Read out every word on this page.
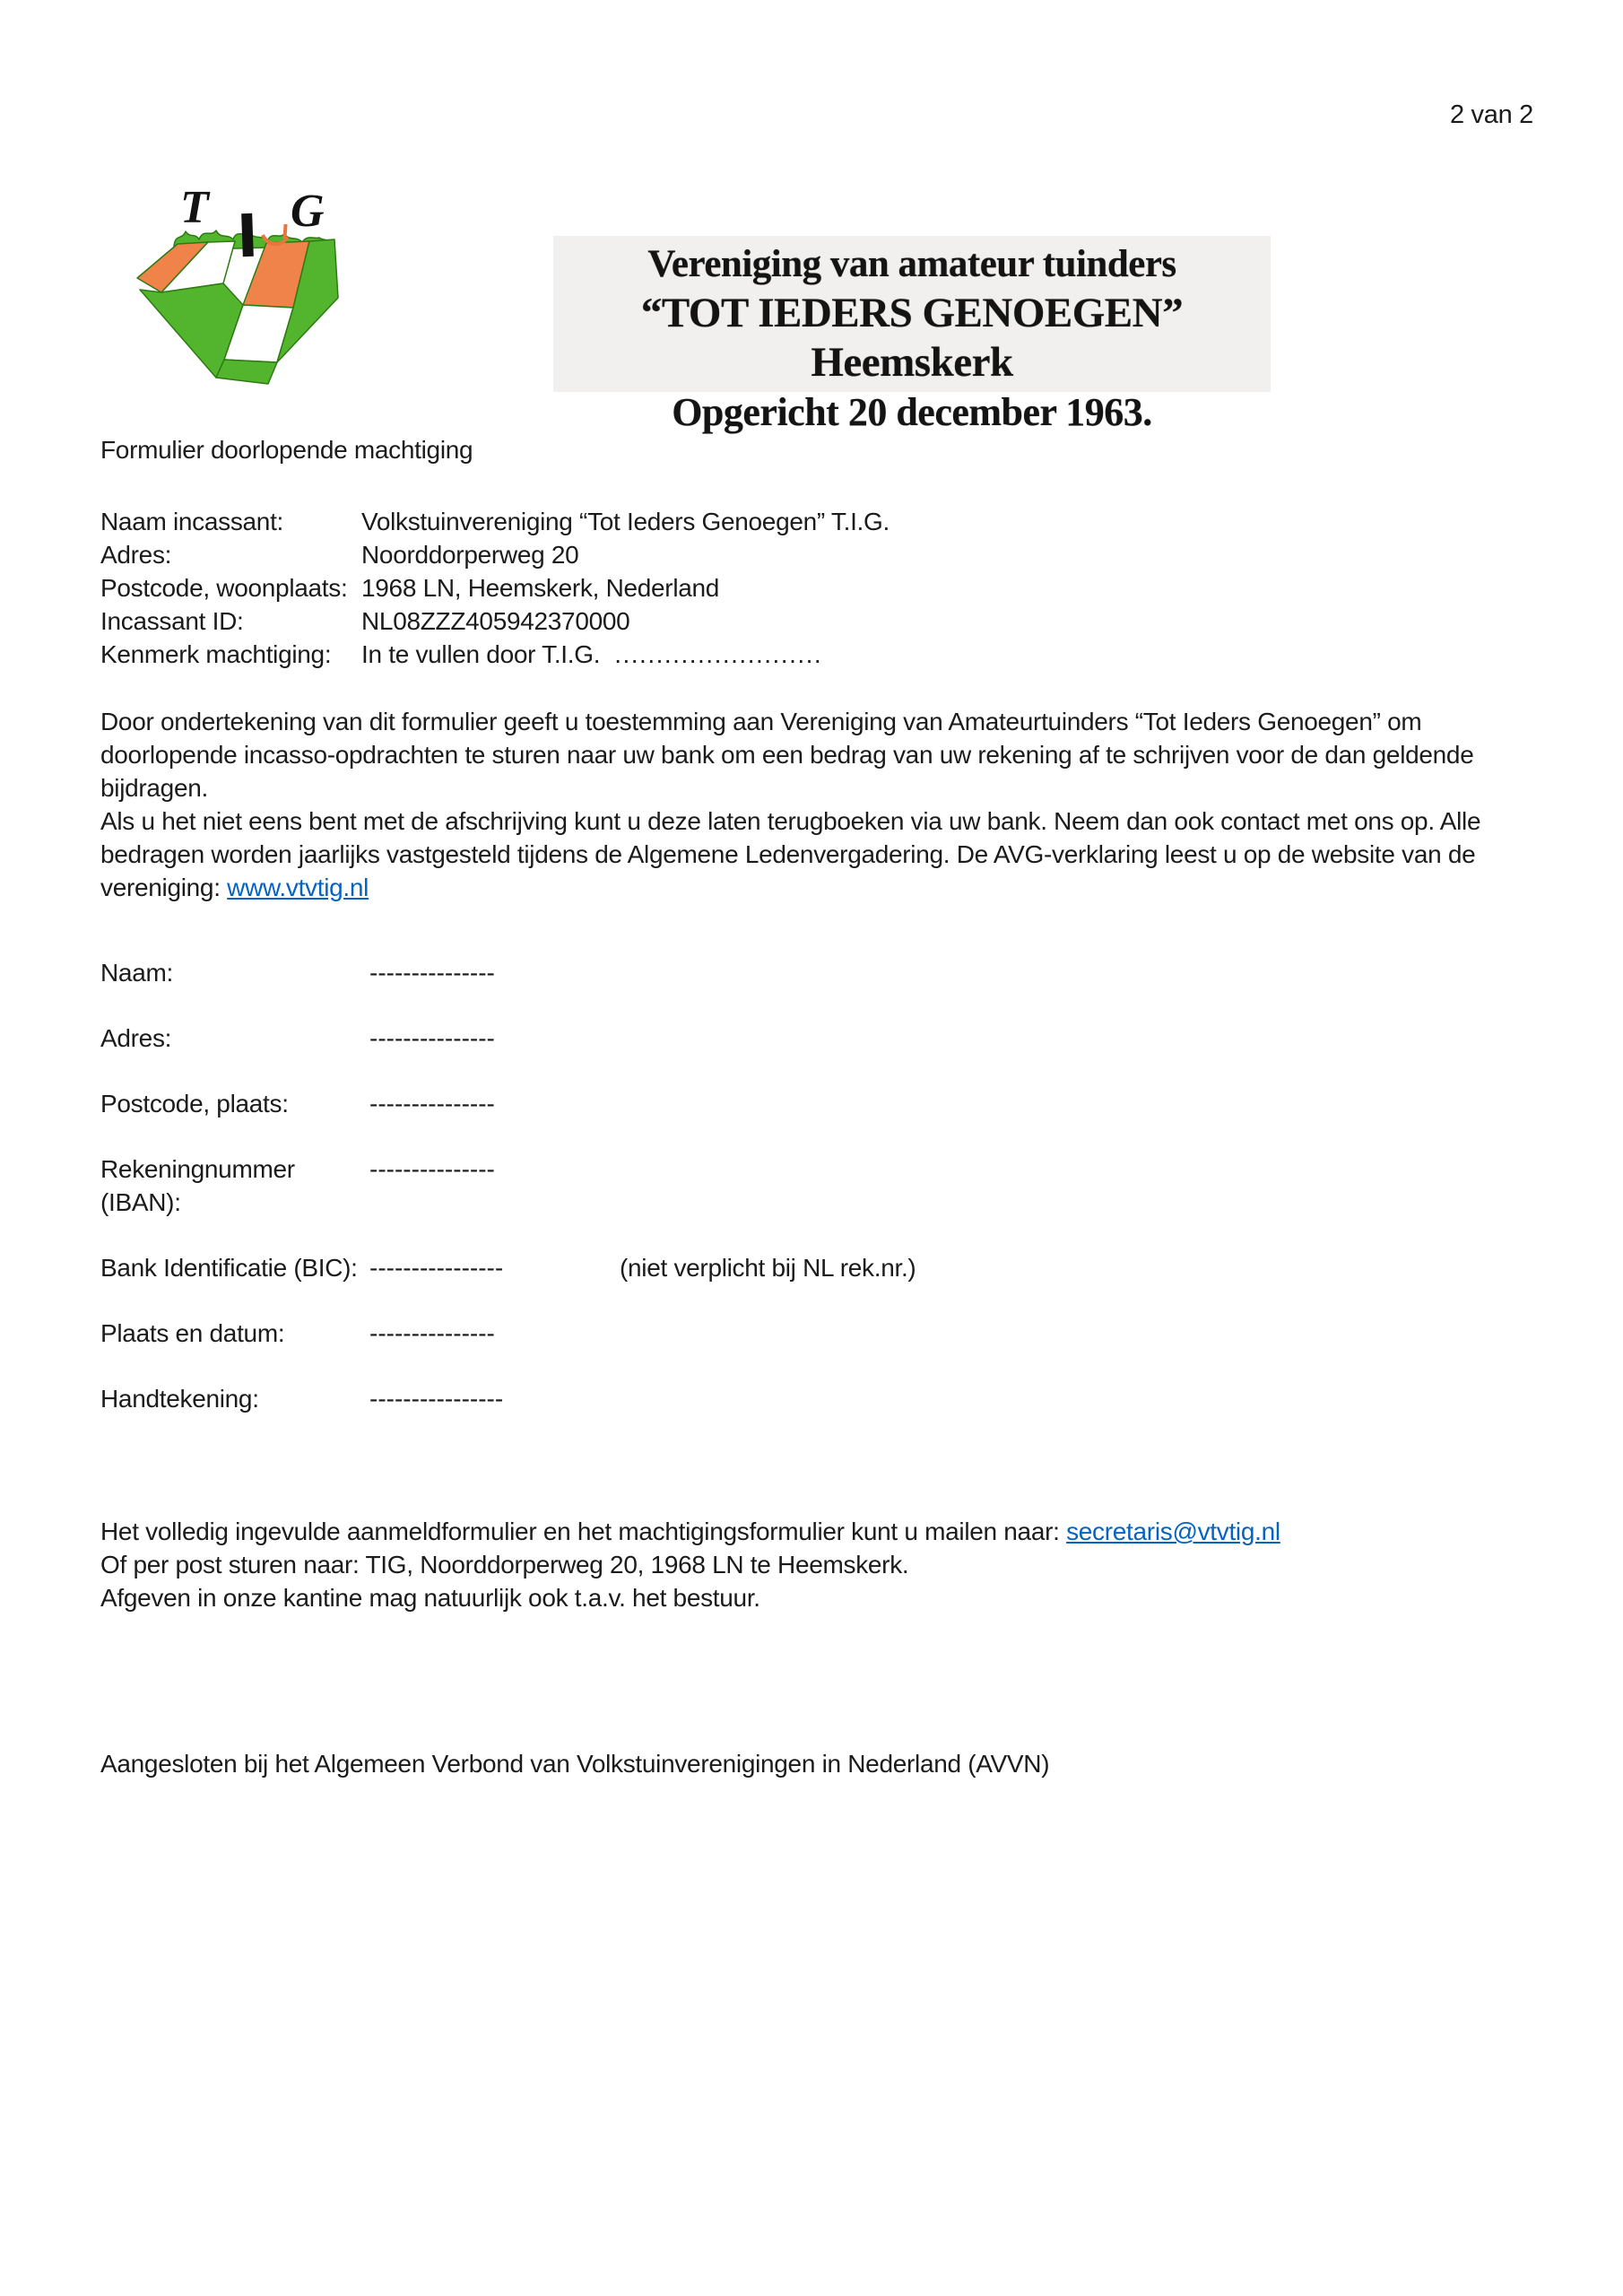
2 van 2
T G
Vereniging van amateur tuinders
“TOT IEDERS GENOEGEN” Heemskerk
Opgericht 20 december 1963.
Formulier doorlopende machtiging
Naam incassant:	Volkstuinvereniging “Tot Ieders Genoegen” T.I.G.
Adres:	Noorddorperweg 20
Postcode, woonplaats: 1968 LN, Heemskerk, Nederland
Incassant ID:	NL08ZZZ405942370000
Kenmerk machtiging:	In te vullen door T.I.G. .........................
Door ondertekening van dit formulier geeft u toestemming aan Vereniging van Amateurtuinders “Tot Ieders Genoegen” om doorlopende incasso-opdrachten te sturen naar uw bank om een bedrag van uw rekening af te schrijven voor de dan geldende bijdragen.
Als u het niet eens bent met de afschrijving kunt u deze laten terugboeken via uw bank. Neem dan ook contact met ons op. Alle bedragen worden jaarlijks vastgesteld tijdens de Algemene Ledenvergadering. De AVG-verklaring leest u op de website van de vereniging: www.vtvtig.nl
Naam:	---------------
Adres:	---------------
Postcode, plaats:	---------------
Rekeningnummer (IBAN):
---------------
Bank Identificatie (BIC): ----------------	(niet verplicht bij NL rek.nr.)
Plaats en datum:	---------------
Handtekening:	----------------
Het volledig ingevulde aanmeldformulier en het machtigingsformulier kunt u mailen naar: secretaris@vtvtig.nl
Of per post sturen naar: TIG, Noorddorperweg 20, 1968 LN te Heemskerk.
Afgeven in onze kantine mag natuurlijk ook t.a.v. het bestuur.
Aangesloten bij het Algemeen Verbond van Volkstuinverenigingen in Nederland (AVVN)
